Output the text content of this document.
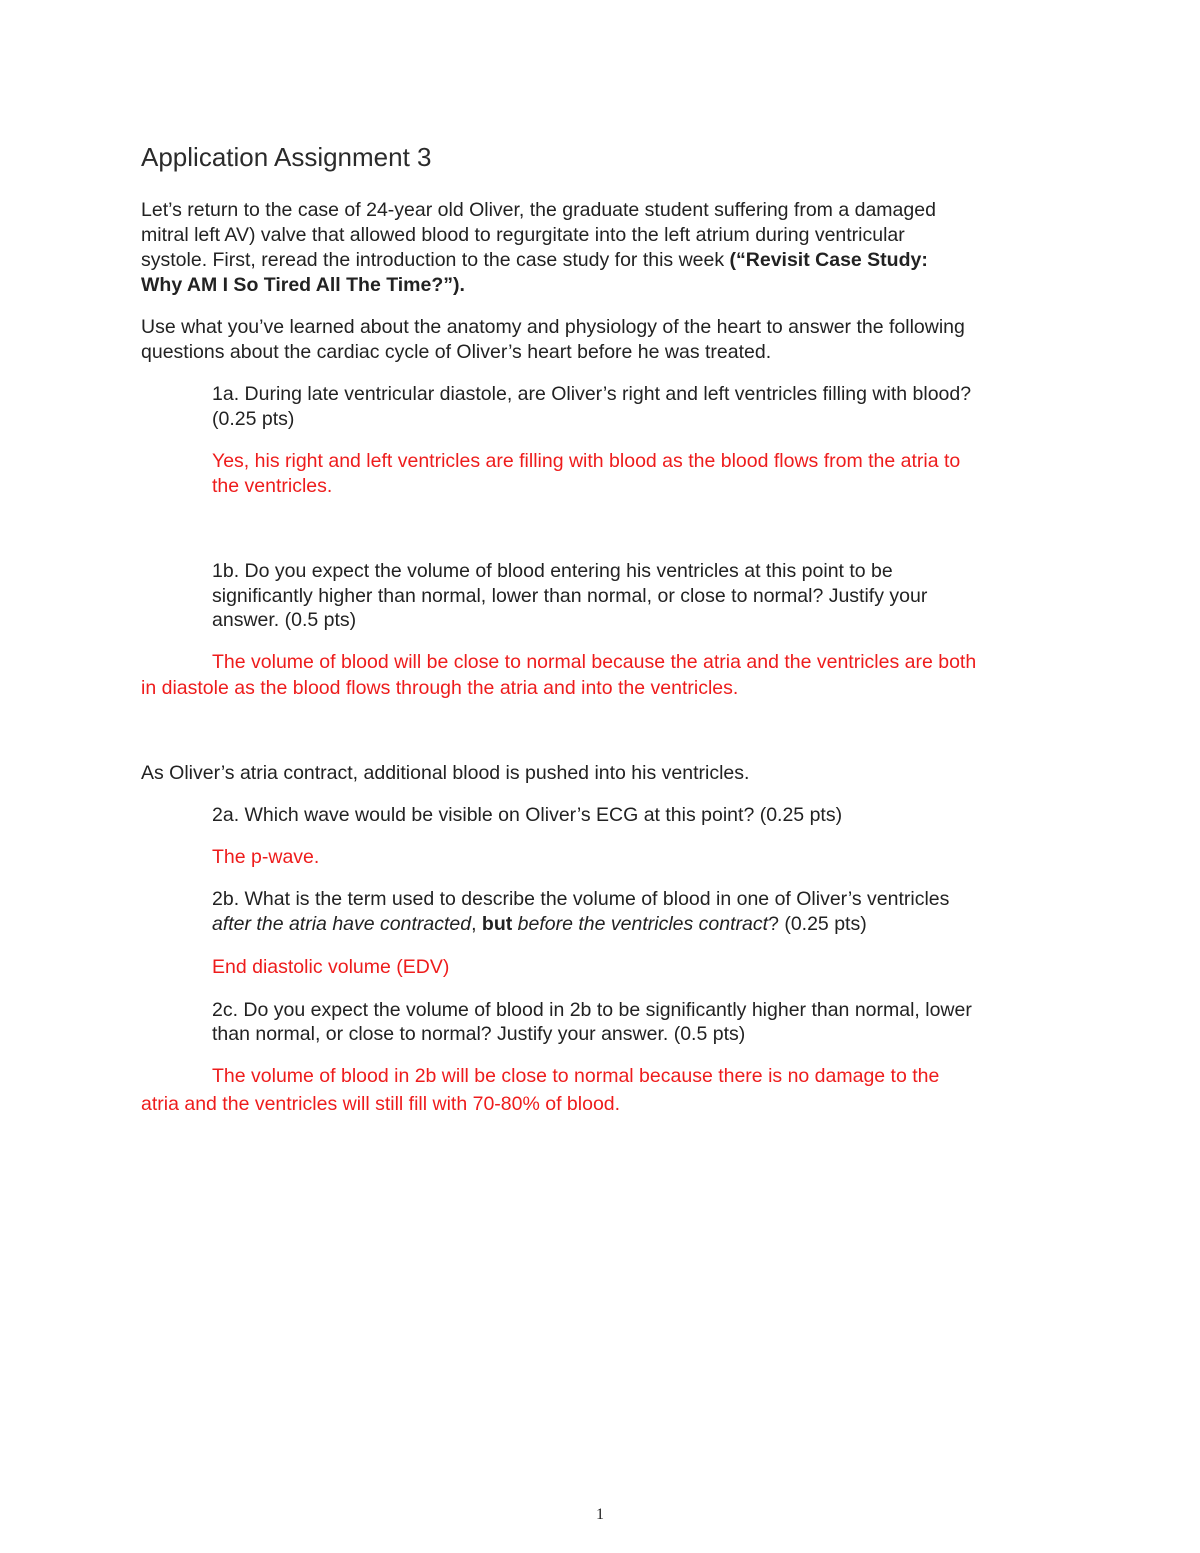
Application Assignment 3
Let’s return to the case of 24-year old Oliver, the graduate student suffering from a damaged
mitral left AV) valve that allowed blood to regurgitate into the left atrium during ventricular
systole. First, reread the introduction to the case study for this week (“Revisit Case Study:
Why AM I So Tired All The Time?”).
Use what you’ve learned about the anatomy and physiology of the heart to answer the following
questions about the cardiac cycle of Oliver’s heart before he was treated.
1a. During late ventricular diastole, are Oliver’s right and left ventricles filling with blood?
(0.25 pts)
Yes, his right and left ventricles are filling with blood as the blood flows from the atria to
the ventricles.
1b. Do you expect the volume of blood entering his ventricles at this point to be
significantly higher than normal, lower than normal, or close to normal? Justify your
answer. (0.5 pts)
The volume of blood will be close to normal because the atria and the ventricles are both
in diastole as the blood flows through the atria and into the ventricles.
As Oliver’s atria contract, additional blood is pushed into his ventricles.
2a. Which wave would be visible on Oliver’s ECG at this point? (0.25 pts)
The p-wave.
2b. What is the term used to describe the volume of blood in one of Oliver’s ventricles
after the atria have contracted, but before the ventricles contract? (0.25 pts)
End diastolic volume (EDV)
2c. Do you expect the volume of blood in 2b to be significantly higher than normal, lower
than normal, or close to normal? Justify your answer. (0.5 pts)
The volume of blood in 2b will be close to normal because there is no damage to the
atria and the ventricles will still fill with 70-80% of blood.
1
